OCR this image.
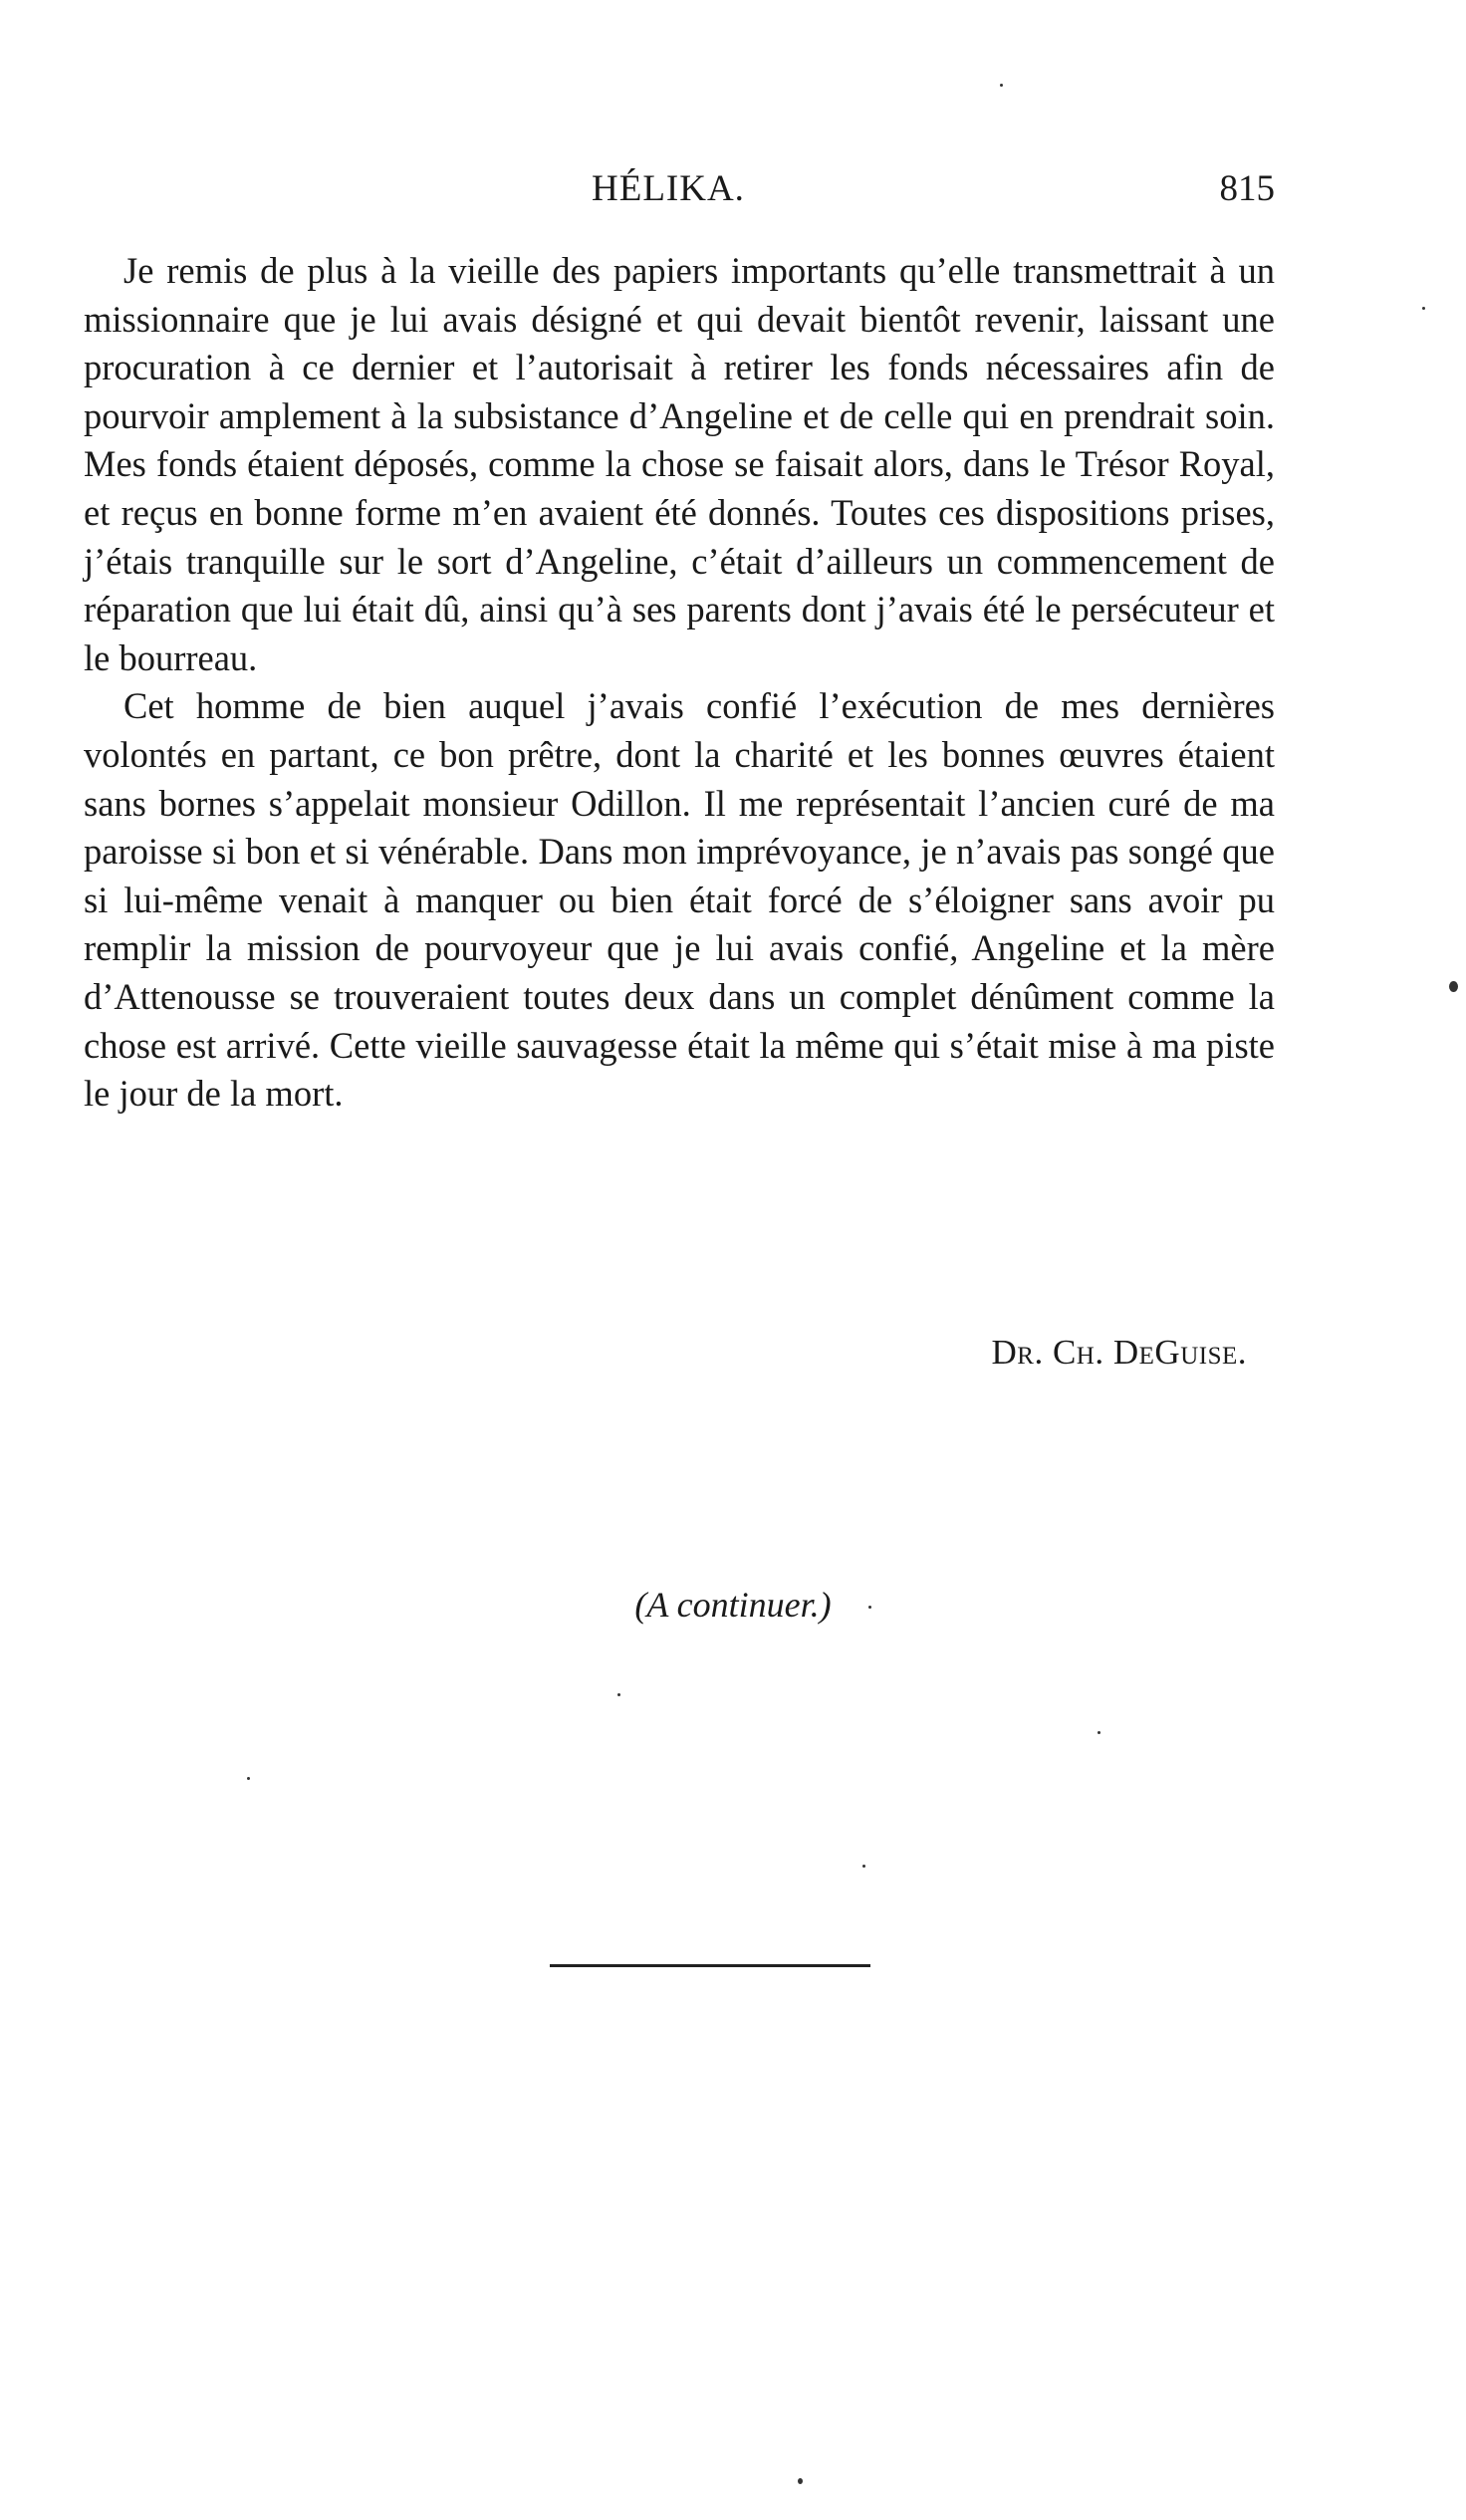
HÉLIKA.	815

Je remis de plus à la vieille des papiers importants qu’elle transmettrait à un missionnaire que je lui avais désigné et qui devait bientôt revenir, laissant une procuration à ce dernier et l’autorisait à retirer les fonds nécessaires afin de pourvoir amplement à la subsistance d’Angeline et de celle qui en prendrait soin. Mes fonds étaient déposés, comme la chose se faisait alors, dans le Trésor Royal, et reçus en bonne forme m’en avaient été donnés. Toutes ces dispositions prises, j’étais tranquille sur le sort d’Angeline, c’était d’ailleurs un commencement de réparation que lui était dû, ainsi qu’à ses parents dont j’avais été le persécuteur et le bourreau.

Cet homme de bien auquel j’avais confié l’exécution de mes dernières volontés en partant, ce bon prêtre, dont la charité et les bonnes œuvres étaient sans bornes s’appelait monsieur Odillon. Il me représentait l’ancien curé de ma paroisse si bon et si vénérable. Dans mon imprévoyance, je n’avais pas songé que si lui-même venait à manquer ou bien était forcé de s’éloigner sans avoir pu remplir la mission de pourvoyeur que je lui avais confié, Angeline et la mère d’Attenousse se trouveraient toutes deux dans un complet dénûment comme la chose est arrivé. Cette vieille sauvagesse était la même qui s’était mise à ma piste le jour de la mort.

Dr. Ch. DeGuise.
(A continuer.)
